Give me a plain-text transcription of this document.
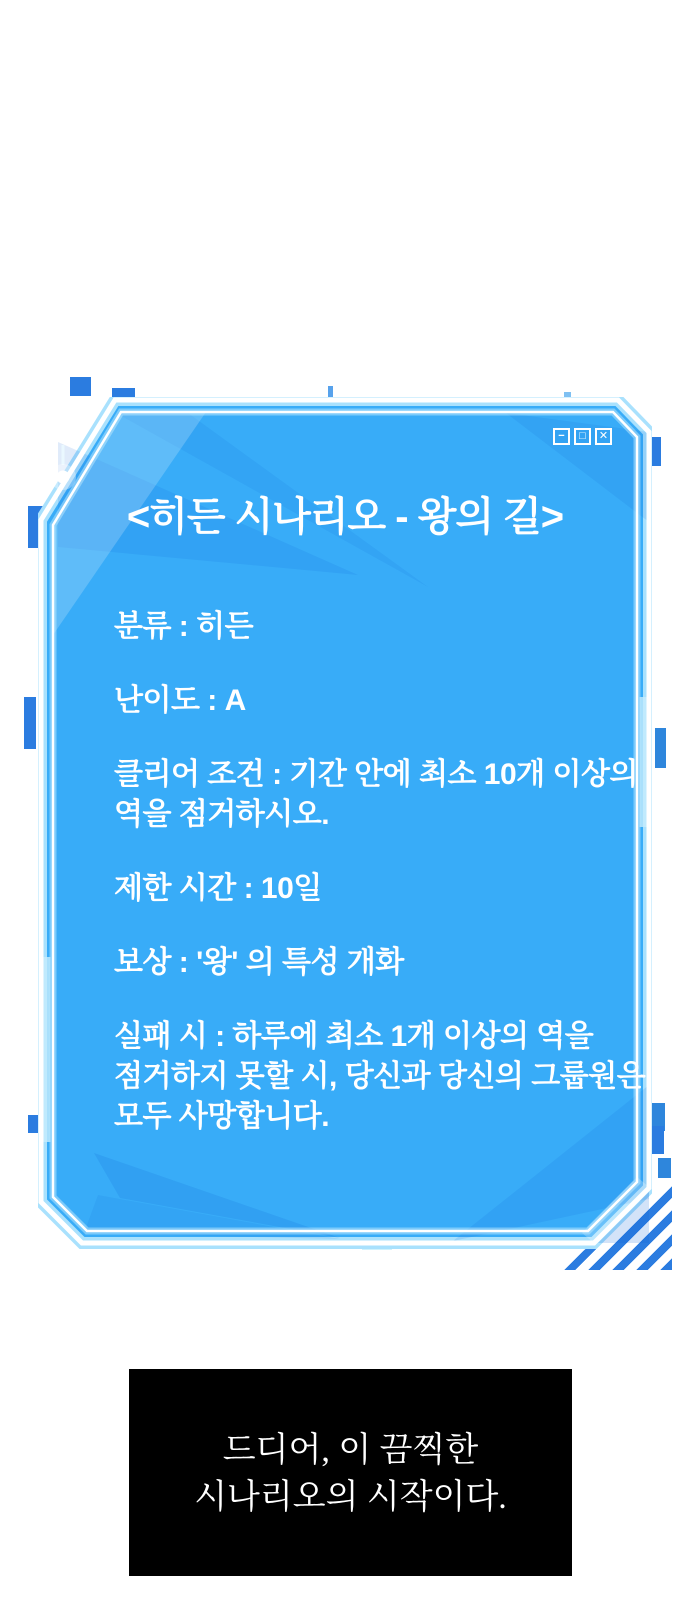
− □ ✕
<히든 시나리오 - 왕의 길>
분류 : 히든
난이도 : A
클리어 조건 : 기간 안에 최소 10개 이상의
역을 점거하시오.
제한 시간 : 10일
보상 : '왕' 의 특성 개화
실패 시 : 하루에 최소 1개 이상의 역을
점거하지 못할 시, 당신과 당신의 그룹원은
모두 사망합니다.
드디어, 이 끔찍한
시나리오의 시작이다.
